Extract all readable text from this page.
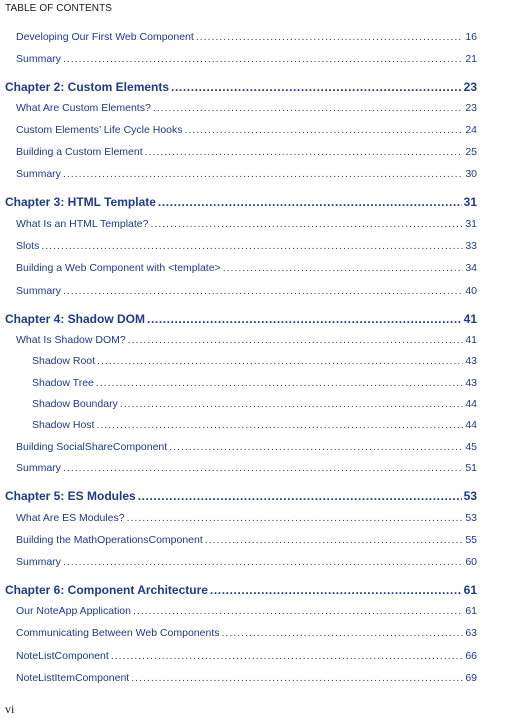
TABLE OF CONTENTS
Developing Our First Web Component .....	16
Summary .....	21
Chapter 2: Custom Elements .....	23
What Are Custom Elements? .....	23
Custom Elements’ Life Cycle Hooks .....	24
Building a Custom Element .....	25
Summary .....	30
Chapter 3: HTML Template .....	31
What Is an HTML Template? .....	31
Slots .....	33
Building a Web Component with <template> .....	34
Summary .....	40
Chapter 4: Shadow DOM .....	41
What Is Shadow DOM? .....	41
Shadow Root .....	43
Shadow Tree .....	43
Shadow Boundary .....	44
Shadow Host .....	44
Building SocialShareComponent .....	45
Summary .....	51
Chapter 5: ES Modules .....	53
What Are ES Modules? .....	53
Building the MathOperationsComponent .....	55
Summary .....	60
Chapter 6: Component Architecture .....	61
Our NoteApp Application .....	61
Communicating Between Web Components .....	63
NoteListComponent .....	66
NoteListItemComponent .....	69
vi
